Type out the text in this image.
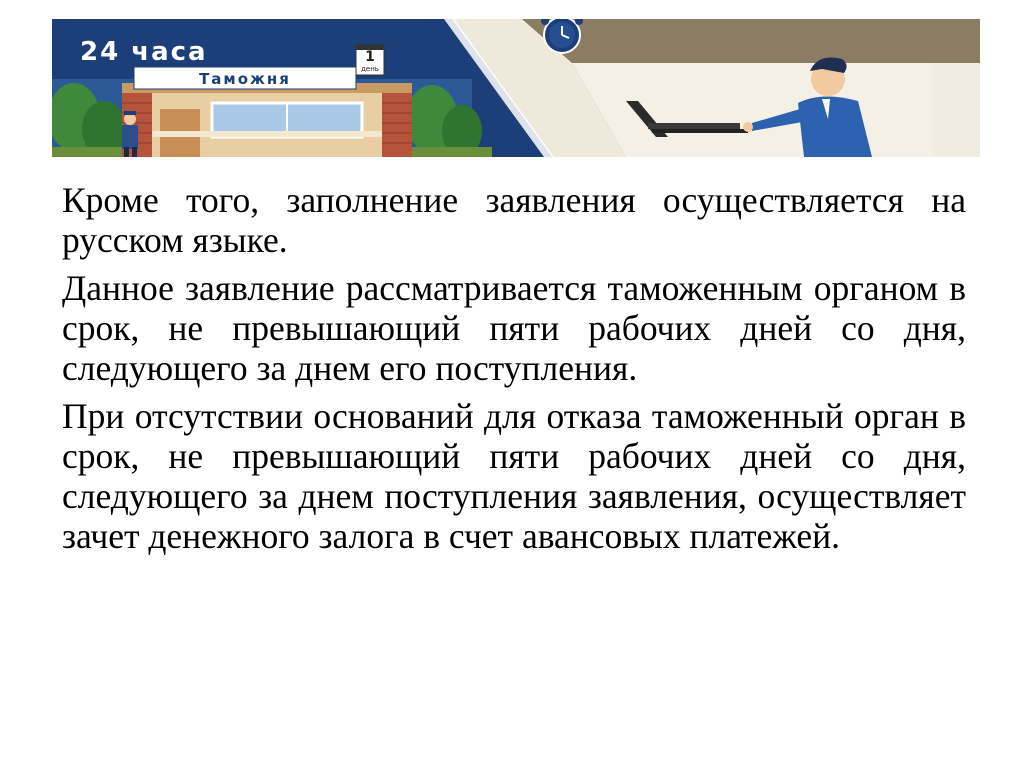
24 часа	1
день
Таможня

Кроме того, заполнение заявления осуществляется на русском языке.

Данное заявление рассматривается таможенным органом в срок, не превышающий пяти рабочих дней со дня, следующего за днем его поступления.

При отсутствии оснований для отказа таможенный орган в срок, не превышающий пяти рабочих дней со дня, следующего за днем поступления заявления, осуществляет зачет денежного залога в счет авансовых платежей.
